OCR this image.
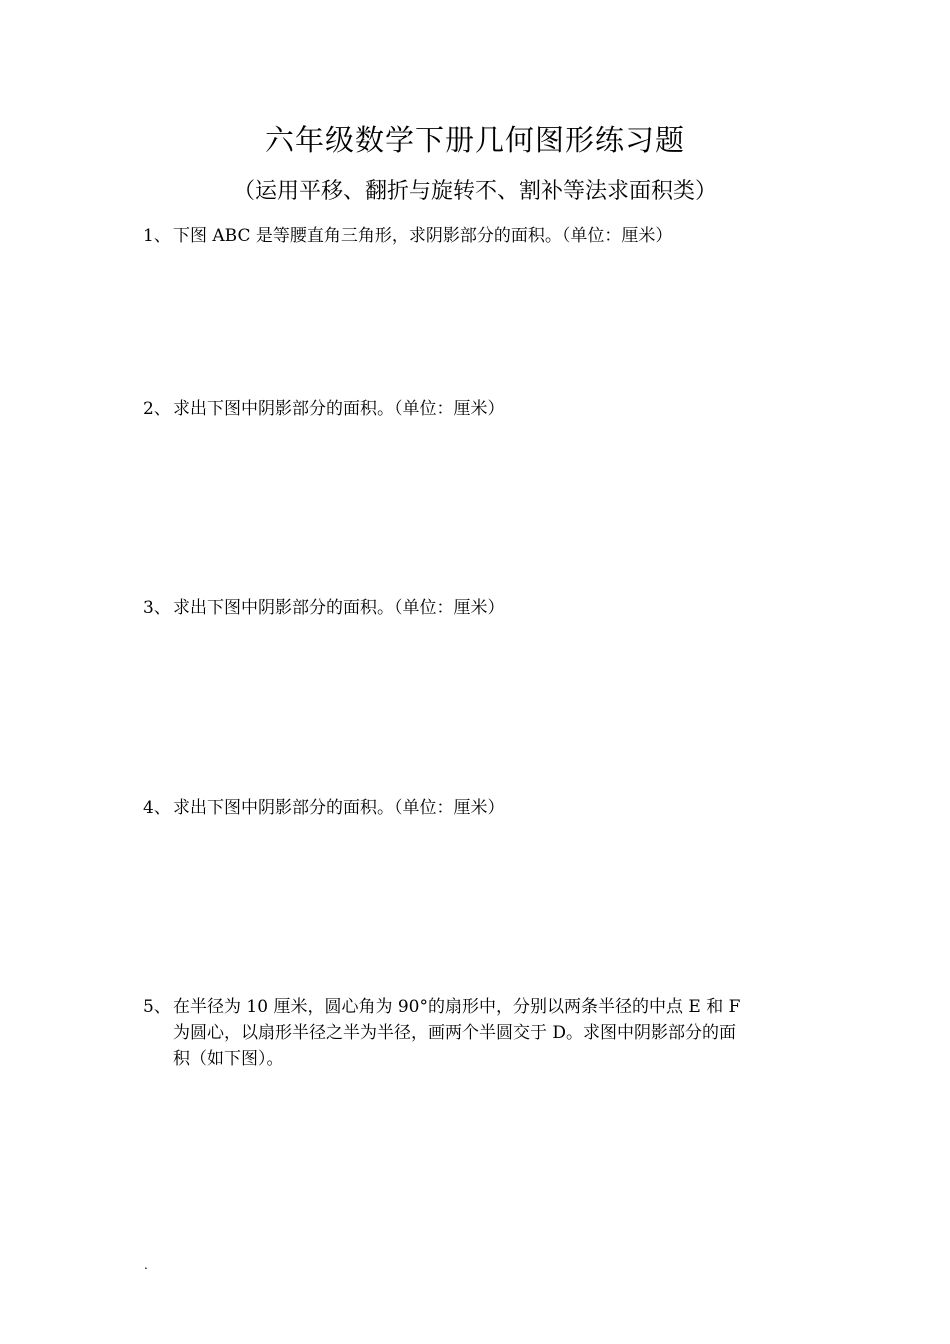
六年级数学下册几何图形练习题
（运用平移、翻折与旋转不、割补等法求面积类）
1、 下图 ABC 是等腰直角三角形，求阴影部分的面积。（单位：厘米）
2、 求出下图中阴影部分的面积。（单位：厘米）
3、 求出下图中阴影部分的面积。（单位：厘米）
4、 求出下图中阴影部分的面积。（单位：厘米）
5、 在半径为 10 厘米，圆心角为 90°的扇形中，分别以两条半径的中点 E 和 F
为圆心，以扇形半径之半为半径，画两个半圆交于 D。求图中阴影部分的面
积（如下图）。
.
